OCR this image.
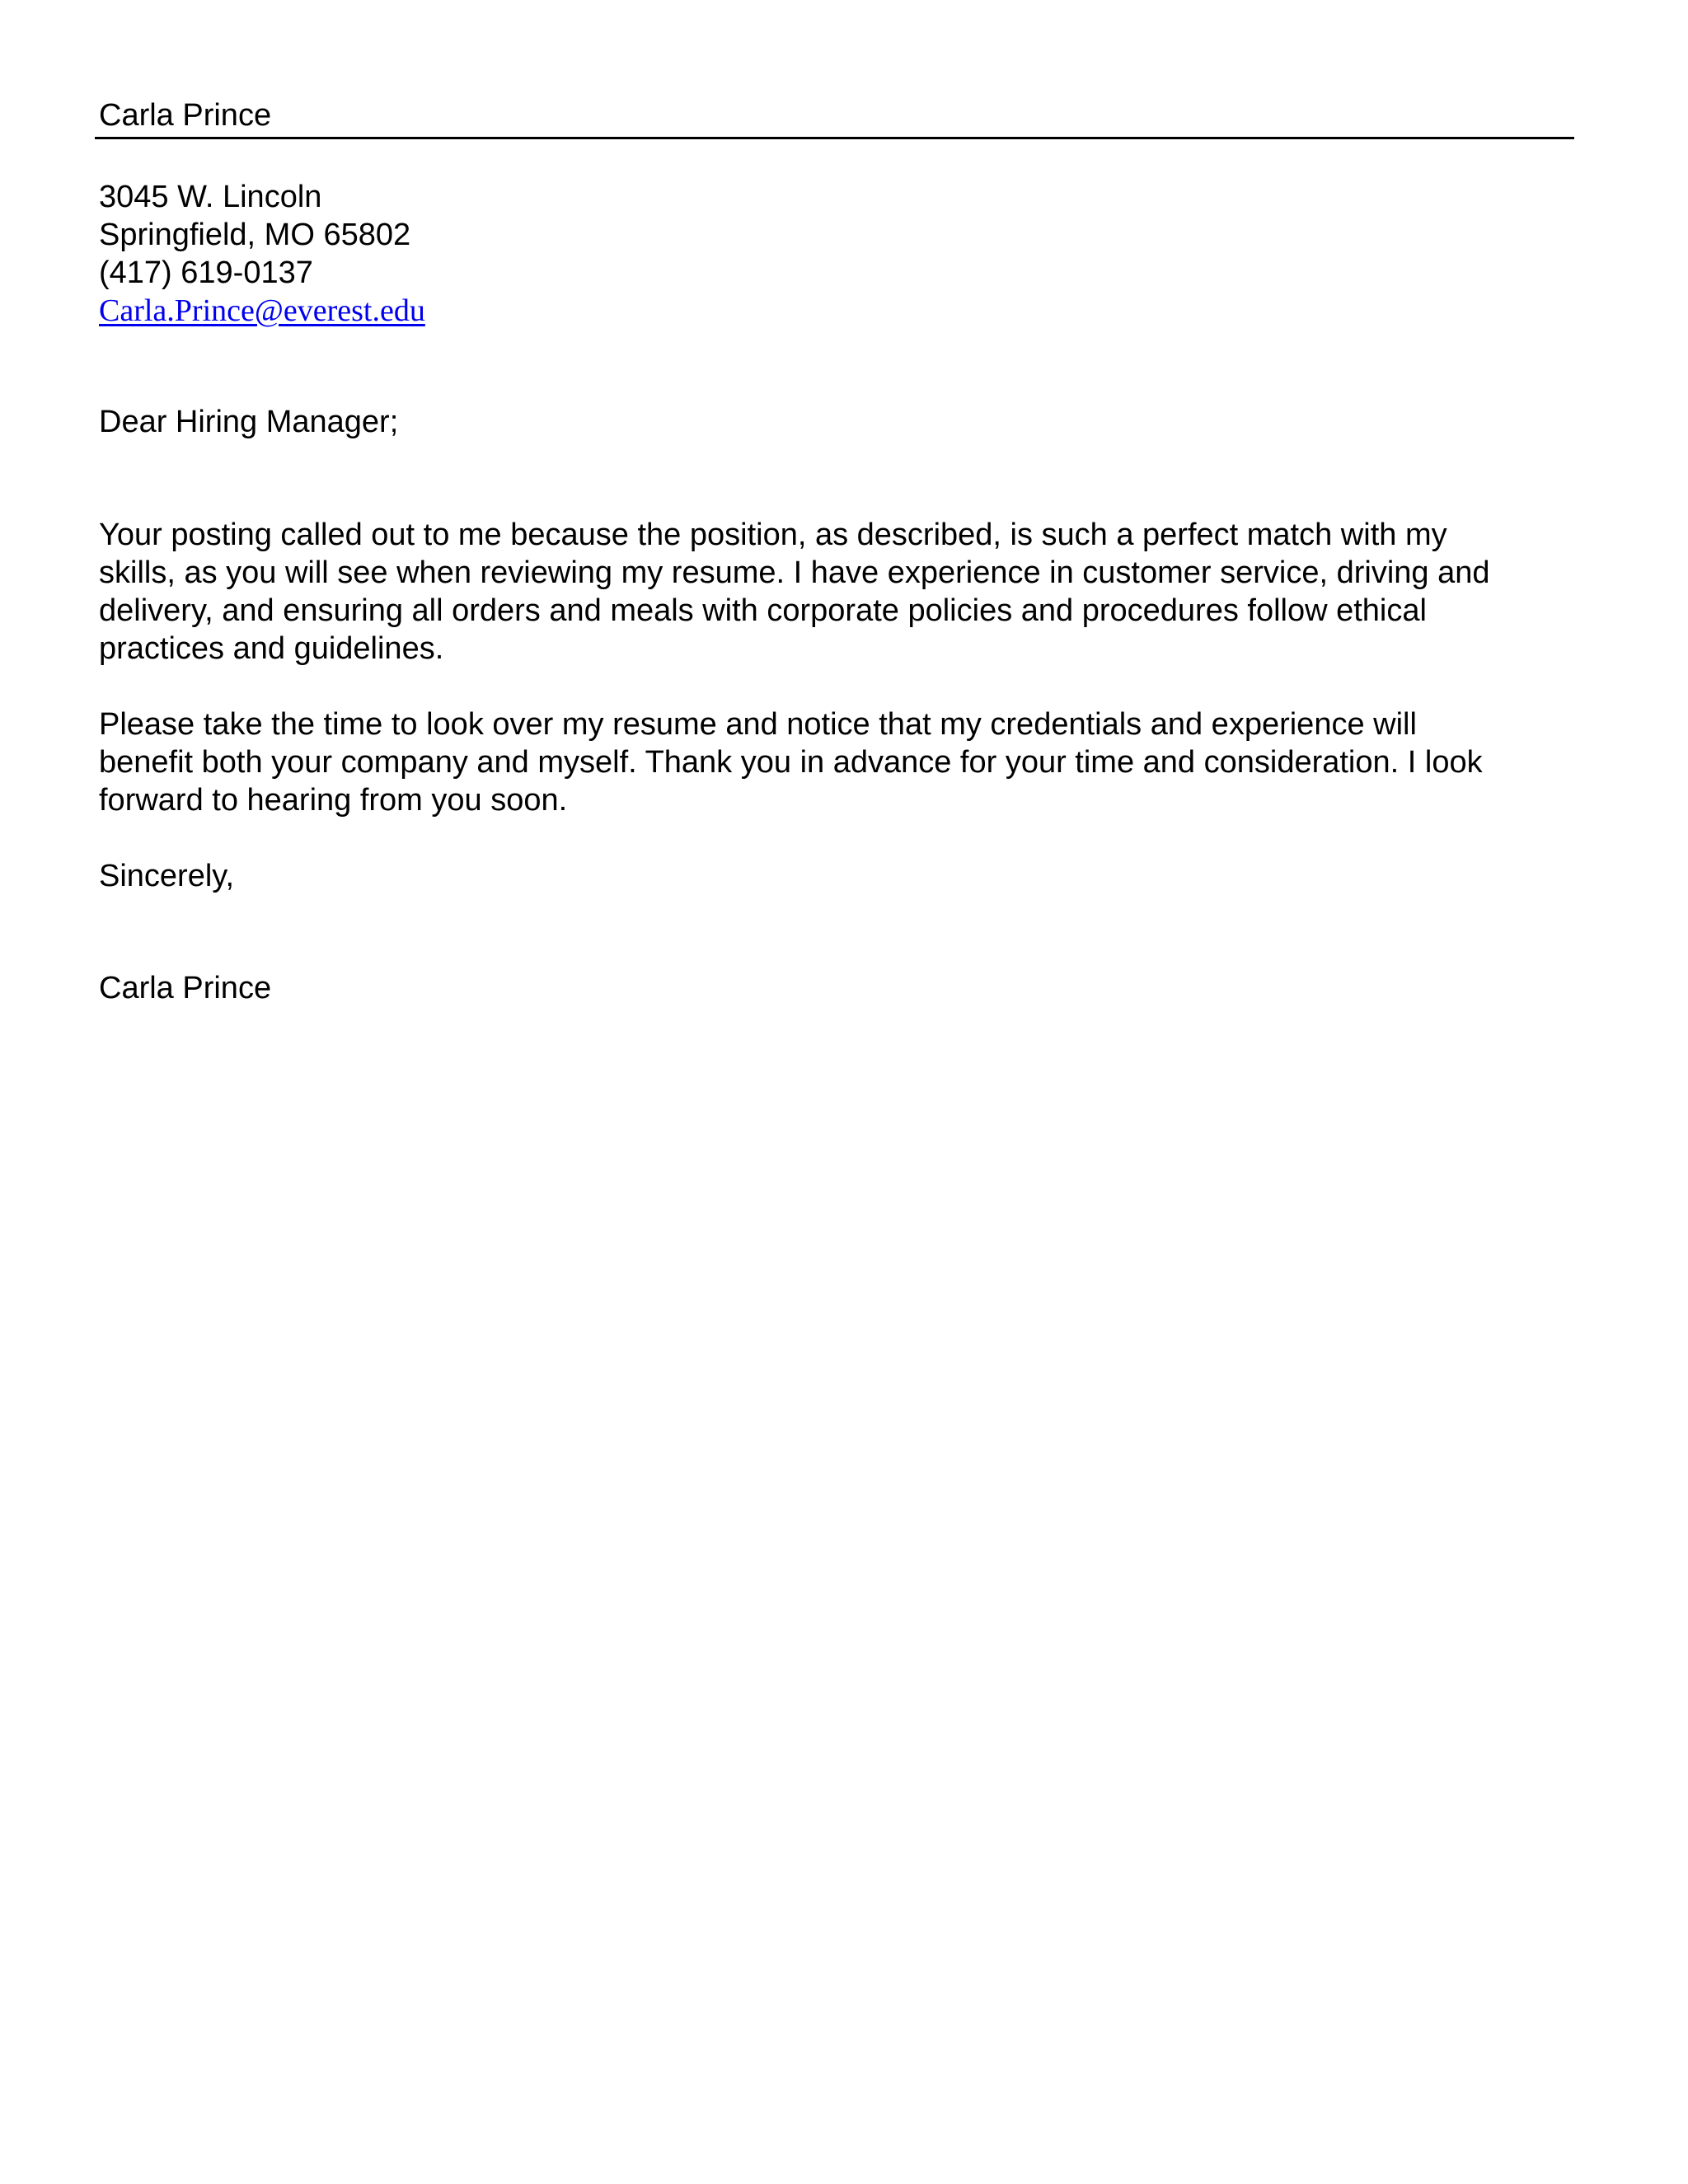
Carla Prince
3045 W. Lincoln
Springfield, MO 65802
(417) 619-0137
Carla.Prince@everest.edu
Dear Hiring Manager;
Your posting called out to me because the position, as described, is such a perfect match with my
skills, as you will see when reviewing my resume. I have experience in customer service, driving and
delivery, and ensuring all orders and meals with corporate policies and procedures follow ethical
practices and guidelines.
Please take the time to look over my resume and notice that my credentials and experience will
benefit both your company and myself. Thank you in advance for your time and consideration. I look
forward to hearing from you soon.
Sincerely,
Carla Prince
